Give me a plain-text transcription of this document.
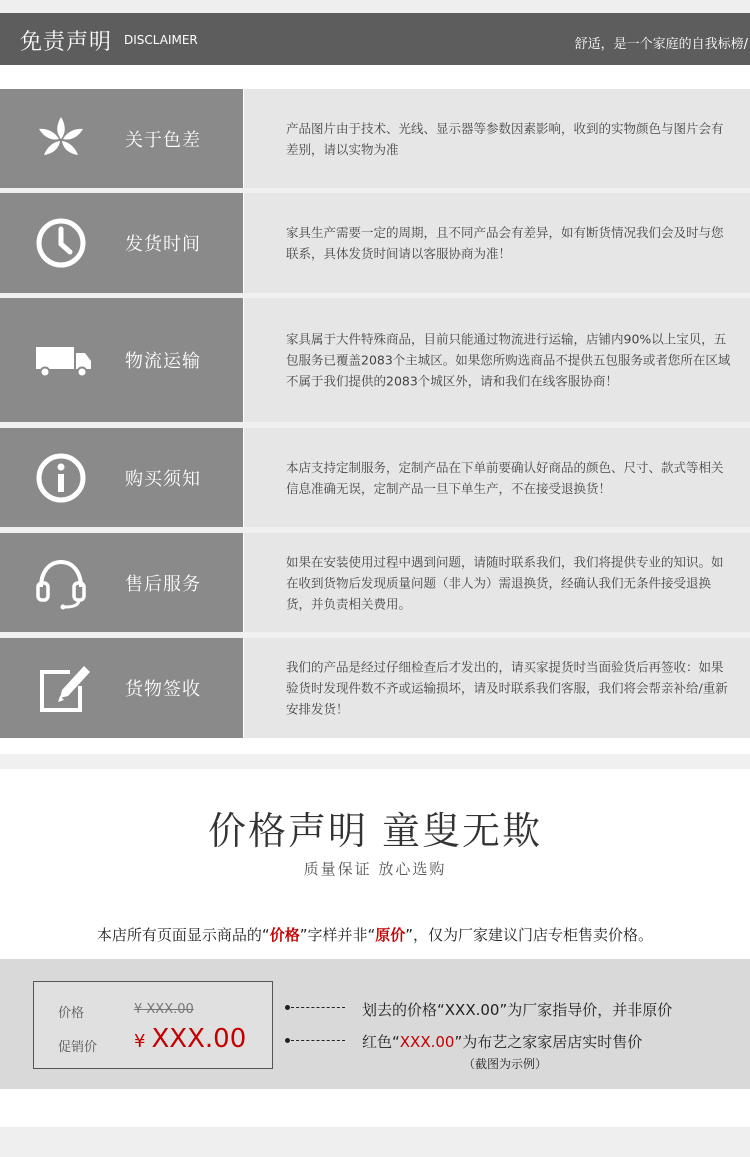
免责声明 DISCLAIMER	舒适，是一个家庭的自我标榜/
关于色差
产品图片由于技术、光线、显示器等参数因素影响，收到的实物颜色与图片会有差别，请以实物为准
发货时间
家具生产需要一定的周期，且不同产品会有差异，如有断货情况我们会及时与您联系，具体发货时间请以客服协商为准！
物流运输
家具属于大件特殊商品，目前只能通过物流进行运输，店铺内90%以上宝贝，五包服务已覆盖2083个主城区。如果您所购选商品不提供五包服务或者您所在区域不属于我们提供的2083个城区外，请和我们在线客服协商！
购买须知
本店支持定制服务，定制产品在下单前要确认好商品的颜色、尺寸、款式等相关信息准确无误，定制产品一旦下单生产，不在接受退换货！
售后服务
如果在安装使用过程中遇到问题，请随时联系我们，我们将提供专业的知识。如在收到货物后发现质量问题（非人为）需退换货，经确认我们无条件接受退换货，并负责相关费用。
货物签收
我们的产品是经过仔细检查后才发出的，请买家提货时当面验货后再签收：如果验货时发现件数不齐或运输损坏，请及时联系我们客服，我们将会帮亲补给/重新安排发货！
价格声明 童叟无欺
质量保证 放心选购
本店所有页面显示商品的“价格”字样并非“原价”，仅为厂家建议门店专柜售卖价格。
价格	¥ XXX.00
促销价 ¥ XXX.00
划去的价格“XXX.00”为厂家指导价，并非原价
红色“XXX.00”为布艺之家家居店实时售价
（截图为示例）
